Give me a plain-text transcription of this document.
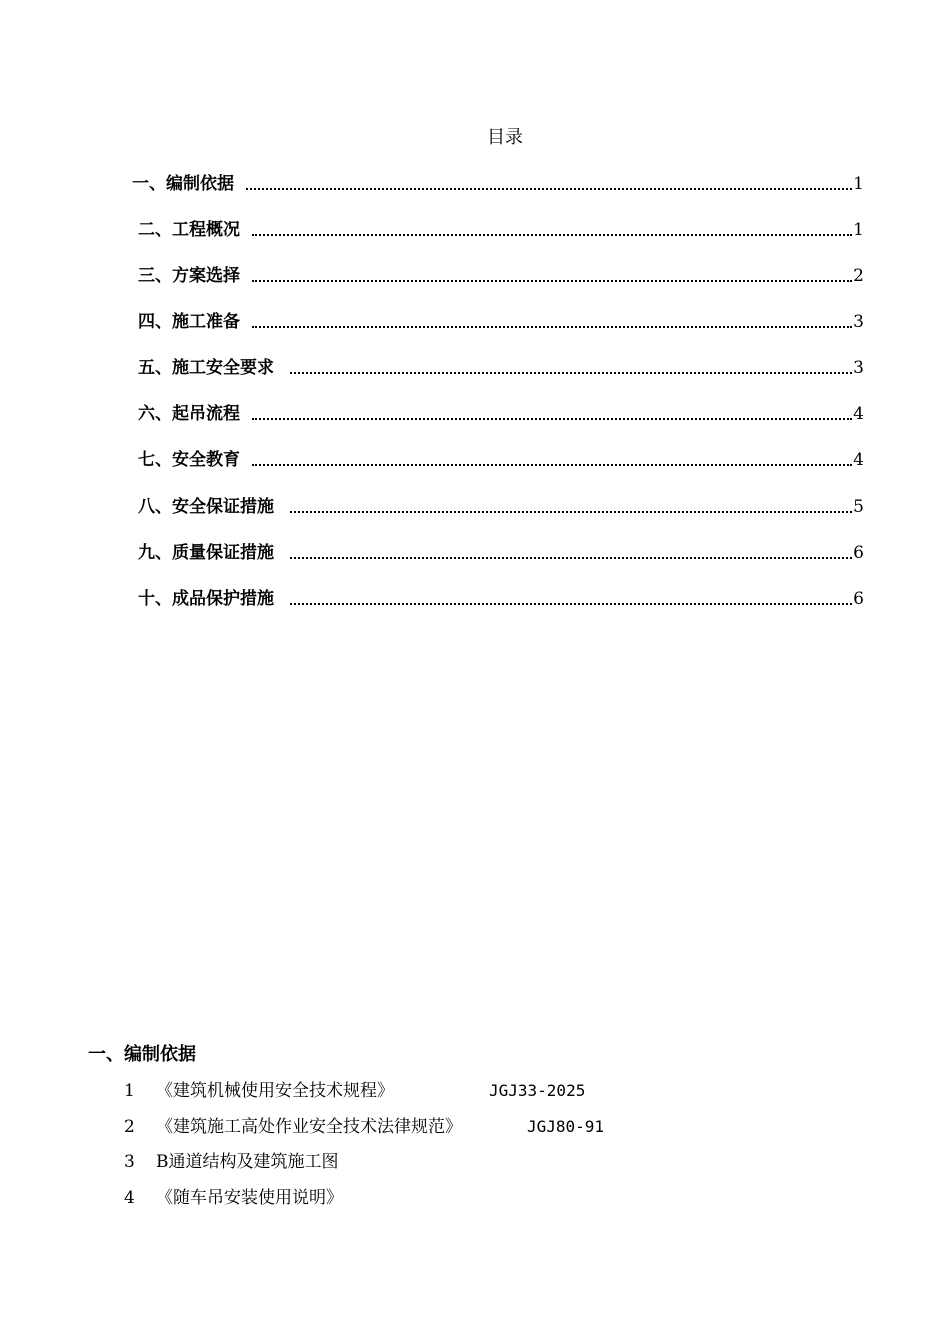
目录
一、编制依据	1
二、工程概况	1
三、方案选择	2
四、施工准备	3
五、施工安全要求	3
六、起吊流程	4
七、安全教育	4
八、安全保证措施	5
九、质量保证措施	6
十、成品保护措施	6
一、编制依据
1 《建筑机械使用安全技术规程》	JGJ33-2025
2 《建筑施工高处作业安全技术法律规范》	JGJ80-91
3 B通道结构及建筑施工图
4 《随车吊安装使用说明》
